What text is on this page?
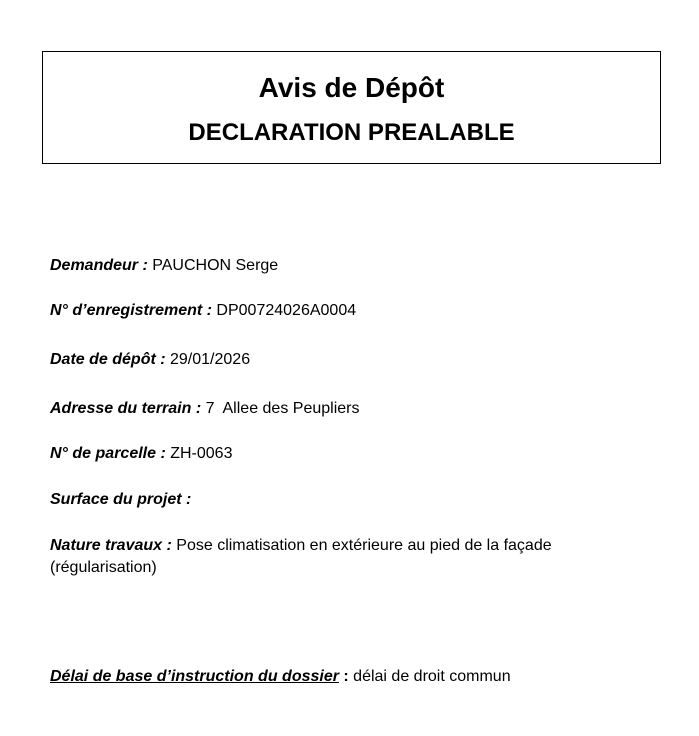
Avis de Dépôt
DECLARATION PREALABLE
Demandeur : PAUCHON Serge
N° d’enregistrement : DP00724026A0004
Date de dépôt : 29/01/2026
Adresse du terrain : 7  Allee des Peupliers
N° de parcelle : ZH-0063
Surface du projet :
Nature travaux : Pose climatisation en extérieure au pied de la façade (régularisation)
Délai de base d’instruction du dossier : délai de droit commun
